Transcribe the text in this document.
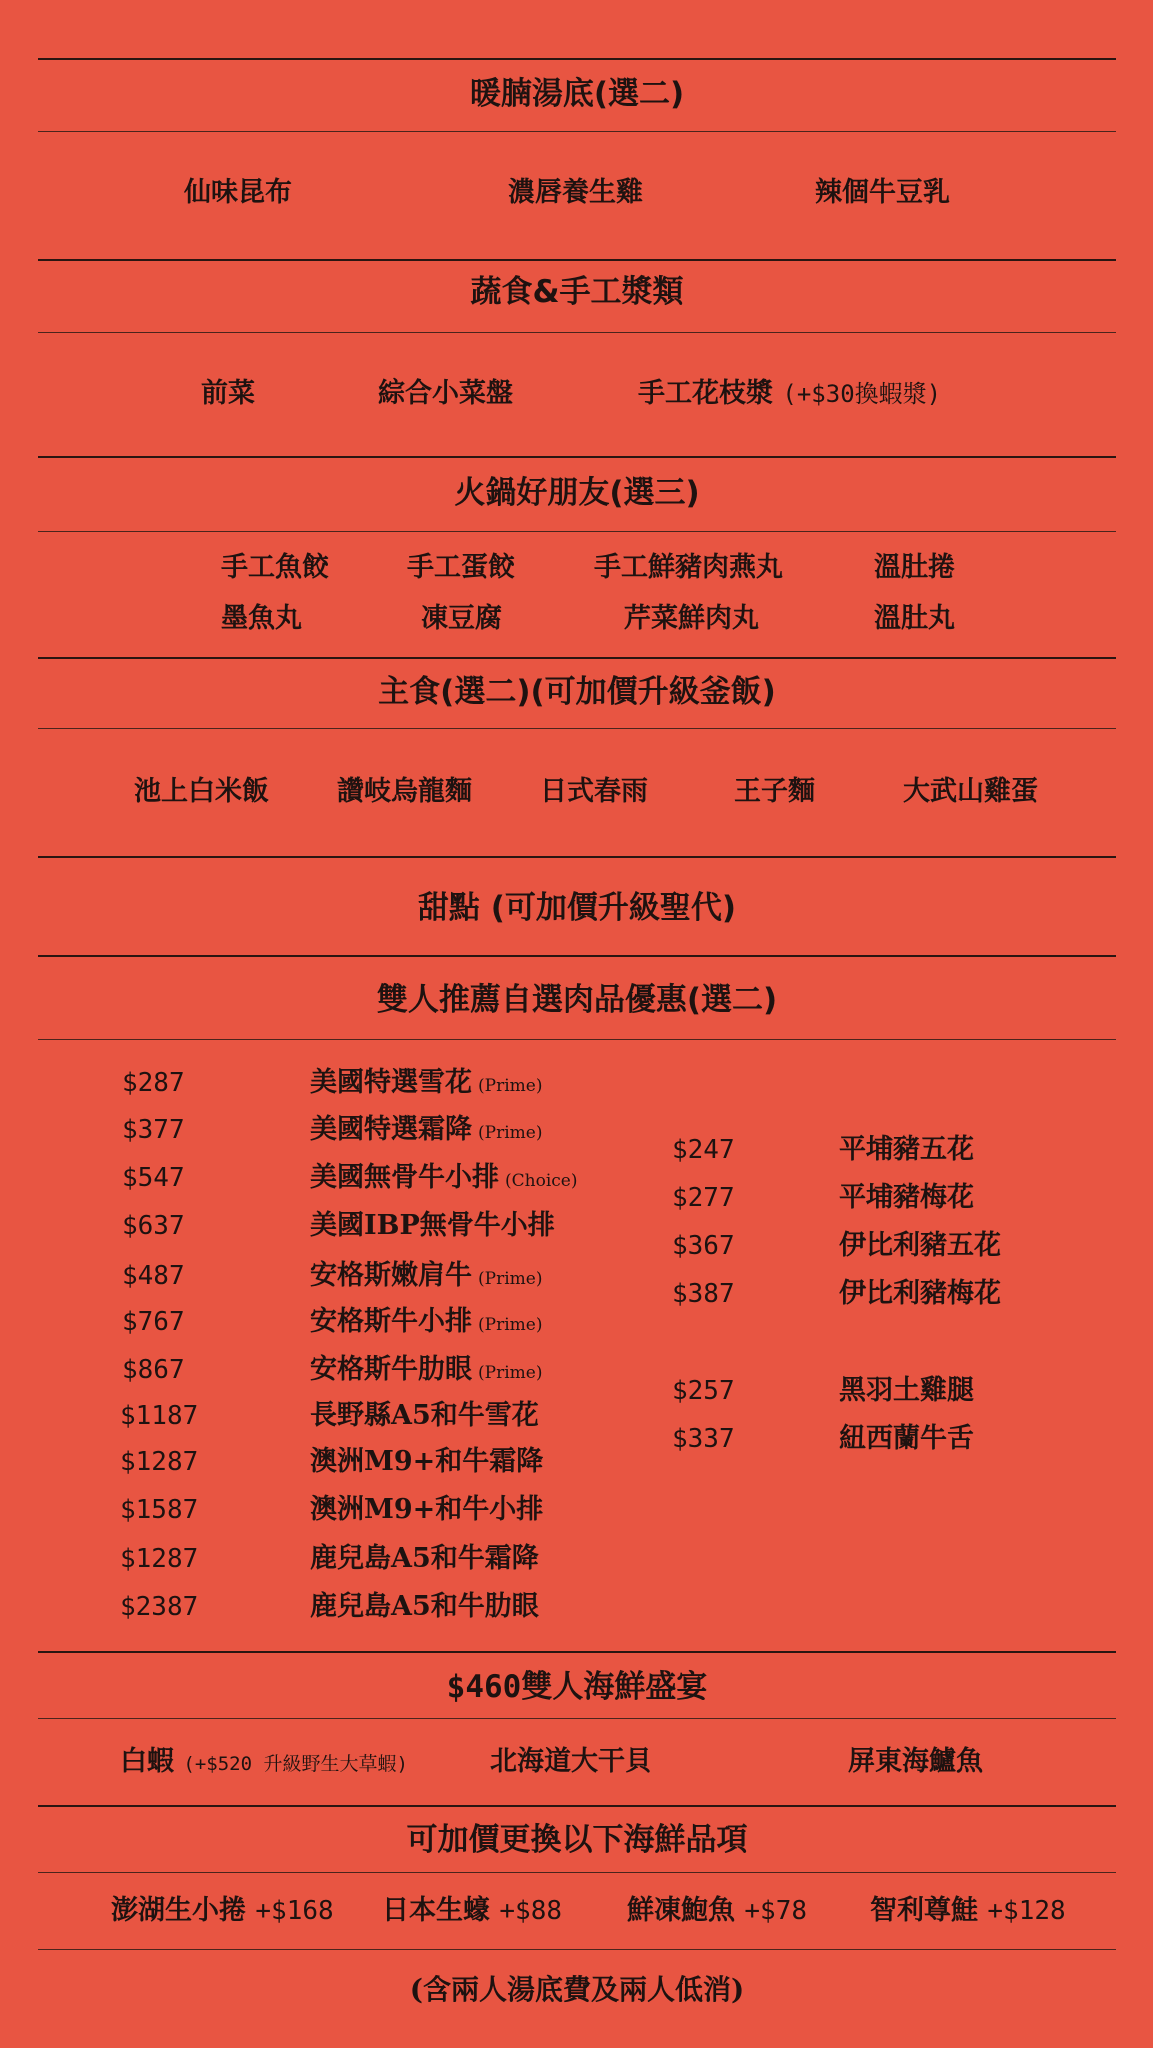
暖腩湯底(選二)
仙味昆布	濃唇養生雞	辣個牛豆乳
蔬食&手工漿類
前菜	綜合小菜盤	手工花枝漿 (+$30換蝦漿)
火鍋好朋友(選三)
手工魚餃	手工蛋餃	手工鮮豬肉燕丸	溫肚捲
墨魚丸	凍豆腐	芹菜鮮肉丸	溫肚丸
主食(選二)(可加價升級釜飯)
池上白米飯	讚岐烏龍麵	日式春雨	王子麵	大武山雞蛋
甜點 (可加價升級聖代)
雙人推薦自選肉品優惠(選二)
$287	美國特選雪花 (Prime)
$377	美國特選霜降 (Prime)
$547	美國無骨牛小排 (Choice)
$637	美國IBP無骨牛小排
$487	安格斯嫩肩牛 (Prime)
$767	安格斯牛小排 (Prime)
$867	安格斯牛肋眼 (Prime)
$1187	長野縣A5和牛雪花
$1287	澳洲M9+和牛霜降
$1587	澳洲M9+和牛小排
$1287	鹿兒島A5和牛霜降
$2387	鹿兒島A5和牛肋眼
$247	平埔豬五花
$277	平埔豬梅花
$367	伊比利豬五花
$387	伊比利豬梅花
$257	黑羽土雞腿
$337	紐西蘭牛舌
$460雙人海鮮盛宴
白蝦 (+$520 升級野生大草蝦)	北海道大干貝	屏東海鱸魚
可加價更換以下海鮮品項
澎湖生小捲 +$168 日本生蠔 +$88 鮮凍鮑魚 +$78 智利尊鮭 +$128
(含兩人湯底費及兩人低消)
